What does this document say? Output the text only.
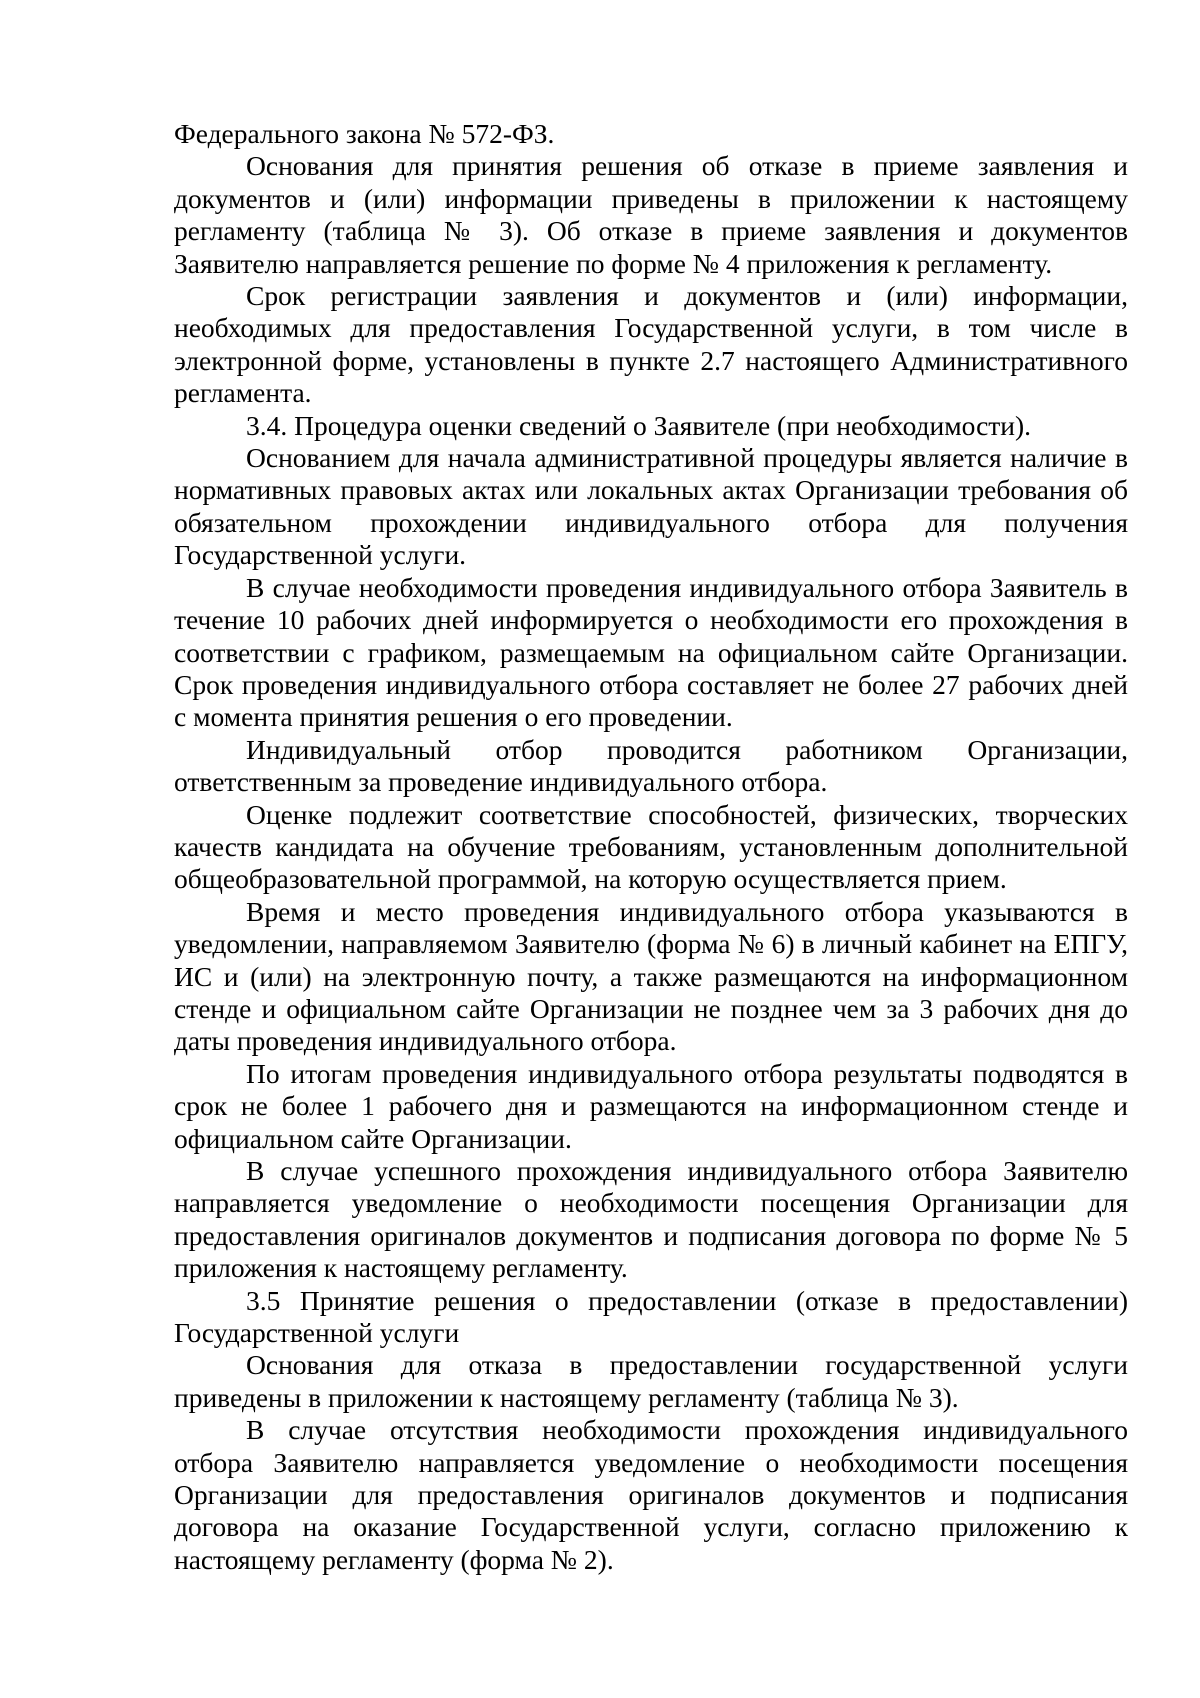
Федерального закона № 572-ФЗ.

Основания для принятия решения об отказе в приеме заявления и документов и (или) информации приведены в приложении к настоящему регламенту (таблица № 3). Об отказе в приеме заявления и документов Заявителю направляется решение по форме № 4 приложения к регламенту.

Срок регистрации заявления и документов и (или) информации, необходимых для предоставления Государственной услуги, в том числе в электронной форме, установлены в пункте 2.7 настоящего Административного регламента.

3.4. Процедура оценки сведений о Заявителе (при необходимости).

Основанием для начала административной процедуры является наличие в нормативных правовых актах или локальных актах Организации требования об обязательном прохождении индивидуального отбора для получения Государственной услуги.

В случае необходимости проведения индивидуального отбора Заявитель в течение 10 рабочих дней информируется о необходимости его прохождения в соответствии с графиком, размещаемым на официальном сайте Организации. Срок проведения индивидуального отбора составляет не более 27 рабочих дней с момента принятия решения о его проведении.

Индивидуальный отбор проводится работником Организации, ответственным за проведение индивидуального отбора.

Оценке подлежит соответствие способностей, физических, творческих качеств кандидата на обучение требованиям, установленным дополнительной общеобразовательной программой, на которую осуществляется прием.

Время и место проведения индивидуального отбора указываются в уведомлении, направляемом Заявителю (форма № 6) в личный кабинет на ЕПГУ, ИС и (или) на электронную почту, а также размещаются на информационном стенде и официальном сайте Организации не позднее чем за 3 рабочих дня до даты проведения индивидуального отбора.

По итогам проведения индивидуального отбора результаты подводятся в срок не более 1 рабочего дня и размещаются на информационном стенде и официальном сайте Организации.

В случае успешного прохождения индивидуального отбора Заявителю направляется уведомление о необходимости посещения Организации для предоставления оригиналов документов и подписания договора по форме № 5 приложения к настоящему регламенту.

3.5 Принятие решения о предоставлении (отказе в предоставлении) Государственной услуги

Основания для отказа в предоставлении государственной услуги приведены в приложении к настоящему регламенту (таблица № 3).

В случае отсутствия необходимости прохождения индивидуального отбора Заявителю направляется уведомление о необходимости посещения Организации для предоставления оригиналов документов и подписания договора на оказание Государственной услуги, согласно приложению к настоящему регламенту (форма № 2).
